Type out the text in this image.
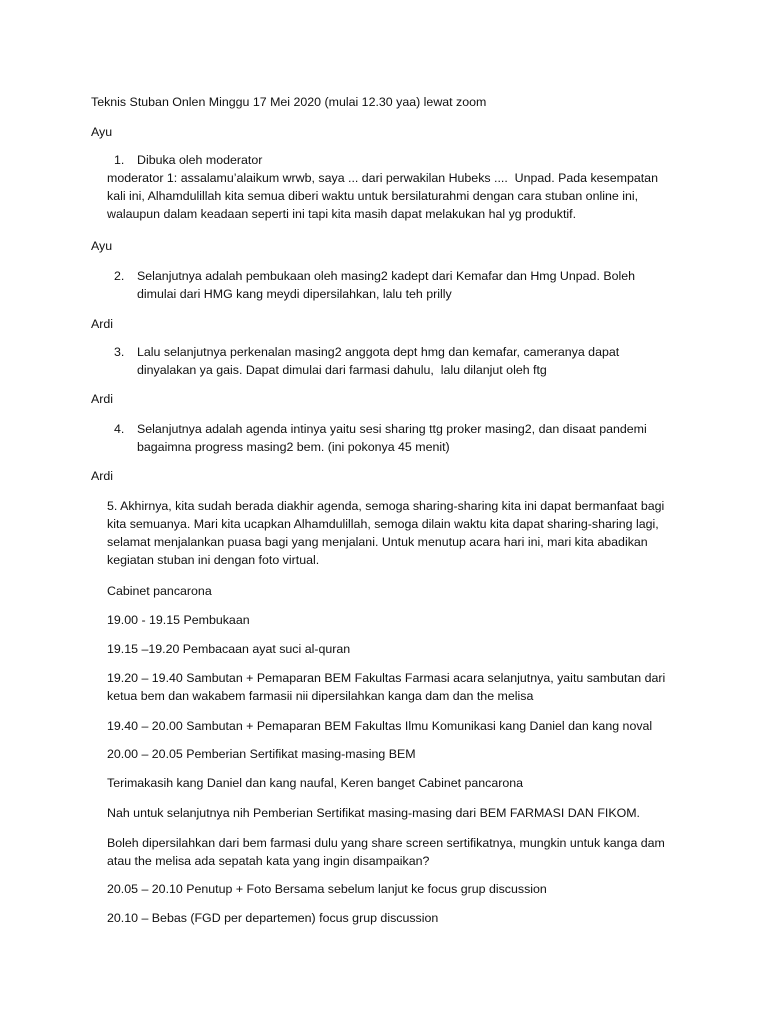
Teknis Stuban Onlen Minggu 17 Mei 2020 (mulai 12.30 yaa) lewat zoom
Ayu
1. Dibuka oleh moderator
moderator 1: assalamu’alaikum wrwb, saya ... dari perwakilan Hubeks ....  Unpad. Pada kesempatan
kali ini, Alhamdulillah kita semua diberi waktu untuk bersilaturahmi dengan cara stuban online ini,
walaupun dalam keadaan seperti ini tapi kita masih dapat melakukan hal yg produktif.
Ayu
2. Selanjutnya adalah pembukaan oleh masing2 kadept dari Kemafar dan Hmg Unpad. Boleh
dimulai dari HMG kang meydi dipersilahkan, lalu teh prilly
Ardi
3. Lalu selanjutnya perkenalan masing2 anggota dept hmg dan kemafar, cameranya dapat
dinyalakan ya gais. Dapat dimulai dari farmasi dahulu,  lalu dilanjut oleh ftg
Ardi
4. Selanjutnya adalah agenda intinya yaitu sesi sharing ttg proker masing2, dan disaat pandemi
bagaimna progress masing2 bem. (ini pokonya 45 menit)
Ardi
5. Akhirnya, kita sudah berada diakhir agenda, semoga sharing-sharing kita ini dapat bermanfaat bagi
kita semuanya. Mari kita ucapkan Alhamdulillah, semoga dilain waktu kita dapat sharing-sharing lagi,
selamat menjalankan puasa bagi yang menjalani. Untuk menutup acara hari ini, mari kita abadikan
kegiatan stuban ini dengan foto virtual.
Cabinet pancarona
19.00 - 19.15 Pembukaan
19.15 –19.20 Pembacaan ayat suci al-quran
19.20 – 19.40 Sambutan + Pemaparan BEM Fakultas Farmasi acara selanjutnya, yaitu sambutan dari
ketua bem dan wakabem farmasii nii dipersilahkan kanga dam dan the melisa
19.40 – 20.00 Sambutan + Pemaparan BEM Fakultas Ilmu Komunikasi kang Daniel dan kang noval
20.00 – 20.05 Pemberian Sertifikat masing-masing BEM
Terimakasih kang Daniel dan kang naufal, Keren banget Cabinet pancarona
Nah untuk selanjutnya nih Pemberian Sertifikat masing-masing dari BEM FARMASI DAN FIKOM.
Boleh dipersilahkan dari bem farmasi dulu yang share screen sertifikatnya, mungkin untuk kanga dam
atau the melisa ada sepatah kata yang ingin disampaikan?
20.05 – 20.10 Penutup + Foto Bersama sebelum lanjut ke focus grup discussion
20.10 – Bebas (FGD per departemen) focus grup discussion
